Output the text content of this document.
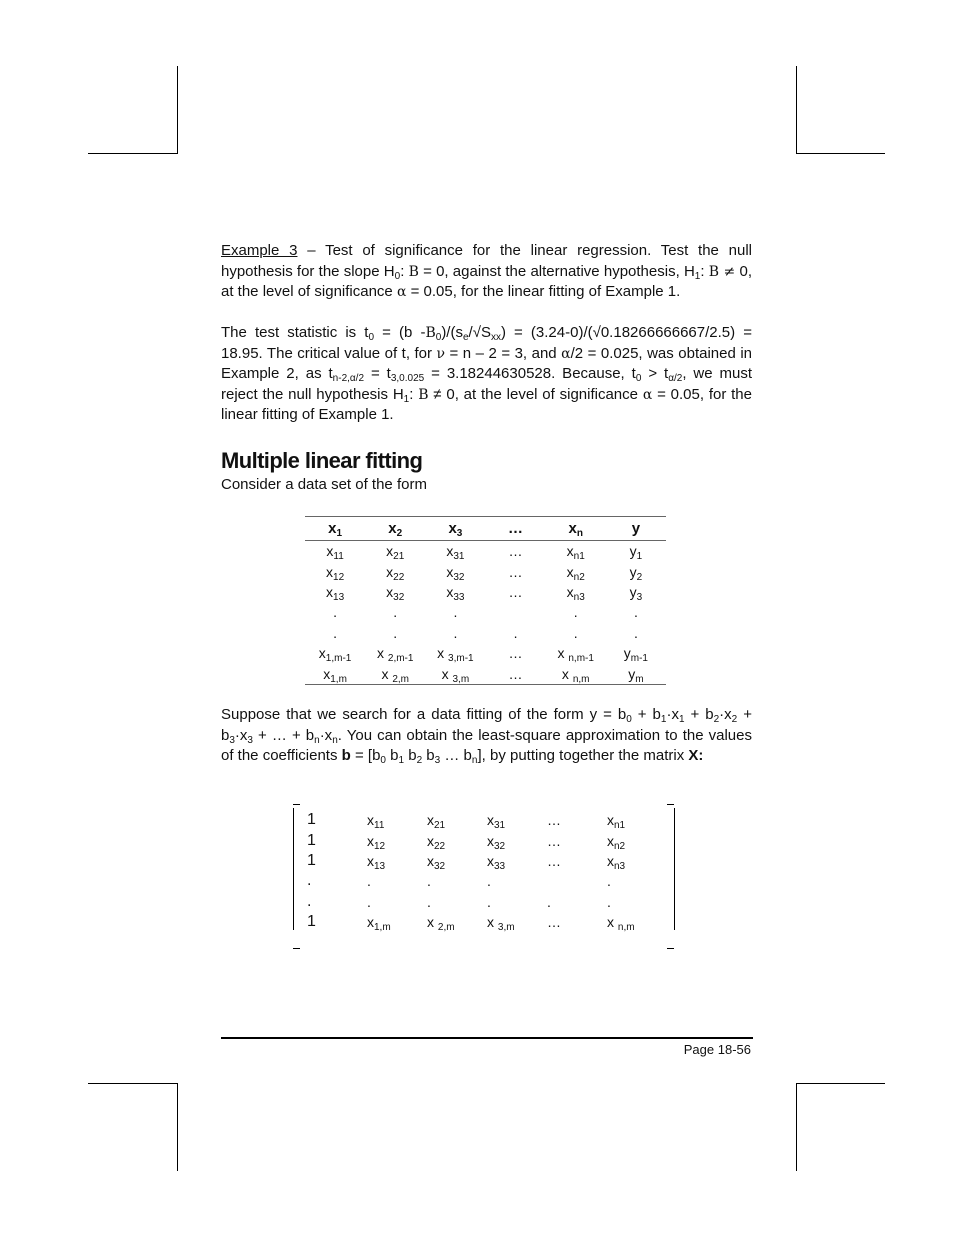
Example 3 – Test of significance for the linear regression. Test the null hypothesis for the slope $H_0$: Β = 0, against the alternative hypothesis, $H_1$: Β ≠ 0, at the level of significance α = 0.05, for the linear fitting of Example 1.
The test statistic is $t_0 = (b$ $-B_0)/(s_e/√S_{xx}) = (3.24-0)/(√0.18266666667/2.5) = 18.95$. The critical value of t, for ν = n – 2 = 3, and α/2 = 0.025, was obtained in Example 2, as $t_{n-2,\alpha/2} = t_{3,0.025} = 3.18244630528$. Because, $t_0 > t_{\alpha/2}$, we must reject the null hypothesis $H_1$: Β ≠ 0, at the level of significance α = 0.05, for the linear fitting of Example 1.
Multiple linear fitting
Consider a data set of the form
$x_1$	$x_2$	$x_3$	…	$x_n$	y
$x_{11}$	$x_{21}$	$x_{31}$	…	$x_{n1}$	$y_1$
$x_{12}$	$x_{22}$	$x_{32}$	…	$x_{n2}$	$y_2$
$x_{13}$	$x_{32}$	$x_{33}$	…	$x_{n3}$	$y_3$
.	.	.		.	.
.	.	.	.	.	.
$x_{1,m-1}$	x $_{2,m-1}$	x $_{3,m-1}$	…	x $_{n,m-1}$	$y_{m-1}$
$x_{1,m}$	x $_{2,m}$	x $_{3,m}$	…	x $_{n,m}$	$y_m$
Suppose that we search for a data fitting of the form $y = b_0 + b_1\cdot x_1 + b_2\cdot x_2 + b_3\cdot x_3$ + … + $b_n\cdot x_n$. You can obtain the least-square approximation to the values of the coefficients $b = [b_0$ $b_1$ $b_2$ $b_3$ … $b_n$], by putting together the matrix X:
1	$x_{11}$	$x_{21}$	$x_{31}$	…	$x_{n1}$
1	$x_{12}$	$x_{22}$	$x_{32}$	…	$x_{n2}$
1	$x_{13}$	$x_{32}$	$x_{33}$	…	$x_{n3}$
.	.	.	.		.
.	.	.	.	.	.
1	$x_{1,m}$	x $_{2,m}$	x $_{3,m}$	…	x $_{n,m}$
Page 18-56
